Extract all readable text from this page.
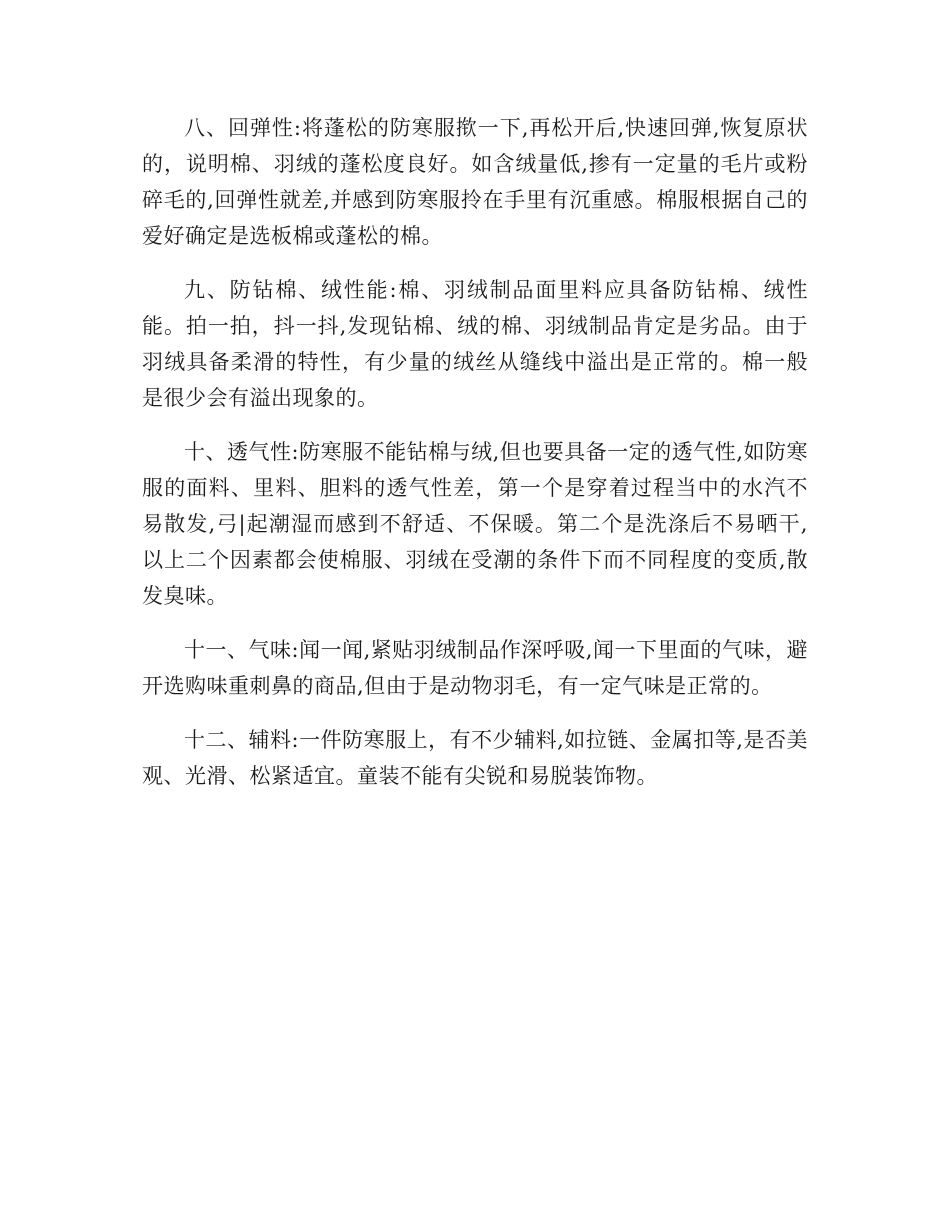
八、回弹性:将蓬松的防寒服揿一下,再松开后,快速回弹,恢复原状的，说明棉、羽绒的蓬松度良好。如含绒量低,掺有一定量的毛片或粉碎毛的,回弹性就差,并感到防寒服拎在手里有沉重感。棉服根据自己的爱好确定是选板棉或蓬松的棉。

九、防钻棉、绒性能:棉、羽绒制品面里料应具备防钻棉、绒性能。拍一拍，抖一抖,发现钻棉、绒的棉、羽绒制品肯定是劣品。由于羽绒具备柔滑的特性，有少量的绒丝从缝线中溢出是正常的。棉一般是很少会有溢出现象的。

十、透气性:防寒服不能钻棉与绒,但也要具备一定的透气性,如防寒服的面料、里料、胆料的透气性差，第一个是穿着过程当中的水汽不易散发,弓|起潮湿而感到不舒适、不保暖。第二个是洗涤后不易晒干,以上二个因素都会使棉服、羽绒在受潮的条件下而不同程度的变质,散发臭味。

十一、气味:闻一闻,紧贴羽绒制品作深呼吸,闻一下里面的气味，避开选购味重刺鼻的商品,但由于是动物羽毛，有一定气味是正常的。

十二、辅料:一件防寒服上，有不少辅料,如拉链、金属扣等,是否美观、光滑、松紧适宜。童装不能有尖锐和易脱装饰物。
